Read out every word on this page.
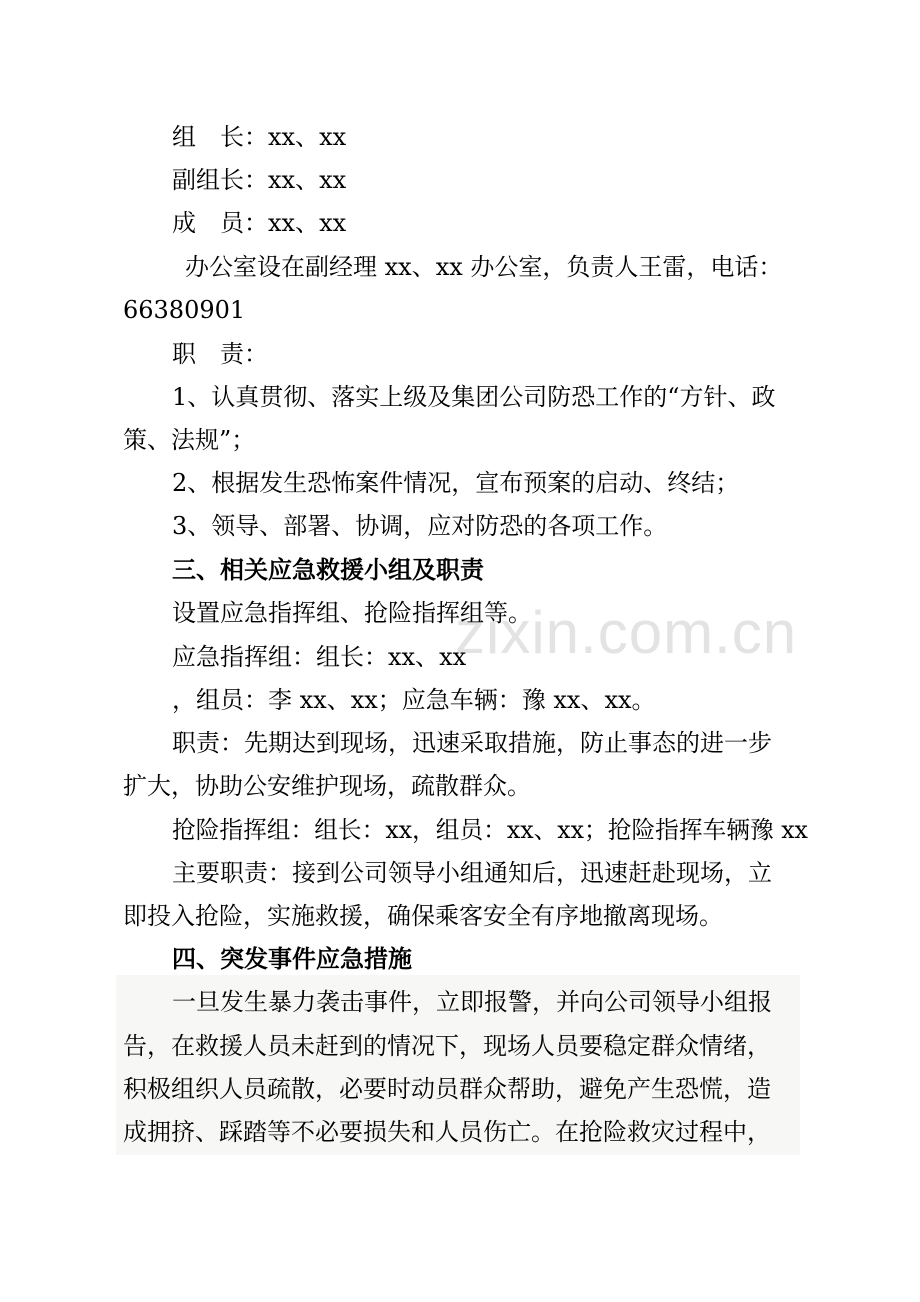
zixin.com.cn
组　长：xx、xx
副组长：xx、xx
成　员：xx、xx
办公室设在副经理 xx、xx 办公室，负责人王雷，电话：
66380901
职　责：
1、认真贯彻、落实上级及集团公司防恐工作的“方针、政
策、法规”；
2、根据发生恐怖案件情况，宣布预案的启动、终结；
3、领导、部署、协调，应对防恐的各项工作。
三、相关应急救援小组及职责
设置应急指挥组、抢险指挥组等。
应急指挥组：组长：xx、xx
，组员：李 xx、xx；应急车辆：豫 xx、xx。
职责：先期达到现场，迅速采取措施，防止事态的进一步
扩大，协助公安维护现场，疏散群众。
抢险指挥组：组长：xx，组员：xx、xx；抢险指挥车辆豫 xx
主要职责：接到公司领导小组通知后，迅速赶赴现场，立
即投入抢险，实施救援，确保乘客安全有序地撤离现场。
四、突发事件应急措施
一旦发生暴力袭击事件，立即报警，并向公司领导小组报
告，在救援人员未赶到的情况下，现场人员要稳定群众情绪，
积极组织人员疏散，必要时动员群众帮助，避免产生恐慌，造
成拥挤、踩踏等不必要损失和人员伤亡。在抢险救灾过程中，
